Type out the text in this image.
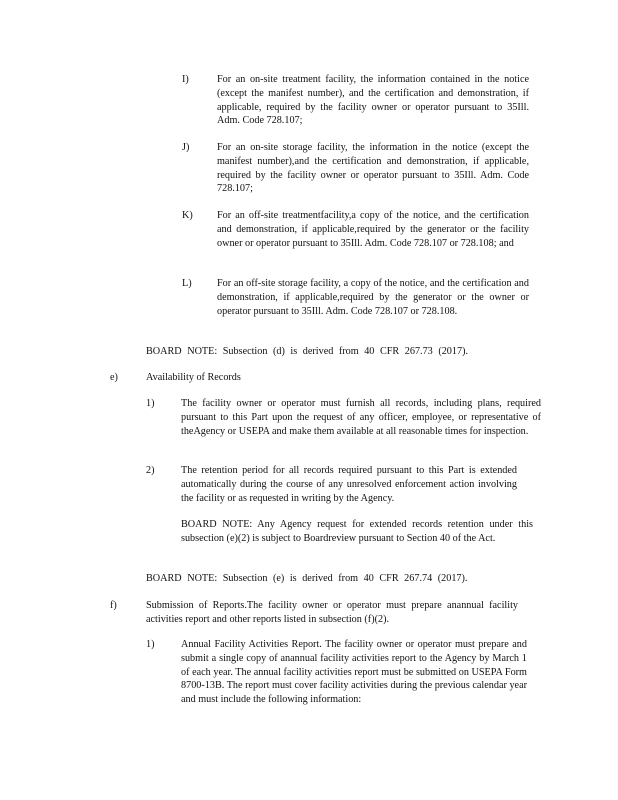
I)	For an on-site treatment facility, the information contained in the notice (except the manifest number), and the certification and demonstration, if applicable, required by the facility owner or operator pursuant to 35Ill. Adm. Code 728.107;
J)	For an on-site storage facility, the information in the notice (except the manifest number),and the certification and demonstration, if applicable, required by the facility owner or operator pursuant to 35Ill. Adm. Code 728.107;
K) For an off-site treatmentfacility,a copy of the notice, and the certification and demonstration, if applicable,required by the generator or the facility owner or operator pursuant to 35Ill. Adm. Code 728.107 or 728.108; and
L) For an off-site storage facility, a copy of the notice, and the certification and demonstration, if applicable,required by the generator or the owner or operator pursuant to 35Ill. Adm. Code 728.107 or 728.108.
BOARD NOTE: Subsection (d) is derived from 40 CFR 267.73 (2017).
e)	Availability of Records
1)	The facility owner or operator must furnish all records, including plans, required pursuant to this Part upon the request of any officer, employee, or representative of theAgency or USEPA and make them available at all reasonable times for inspection.
2)	The retention period for all records required pursuant to this Part is extended automatically during the course of any unresolved enforcement action involving the facility or as requested in writing by the Agency.
BOARD NOTE: Any Agency request for extended records retention under this subsection (e)(2) is subject to Boardreview pursuant to Section 40 of the Act.
BOARD NOTE: Subsection (e) is derived from 40 CFR 267.74 (2017).
f)	Submission of Reports.The facility owner or operator must prepare anannual facility activities report and other reports listed in subsection (f)(2).
1)	Annual Facility Activities Report. The facility owner or operator must prepare and submit a single copy of anannual facility activities report to the Agency by March 1 of each year. The annual facility activities report must be submitted on USEPA Form 8700-13B. The report must cover facility activities during the previous calendar year and must include the following information:
